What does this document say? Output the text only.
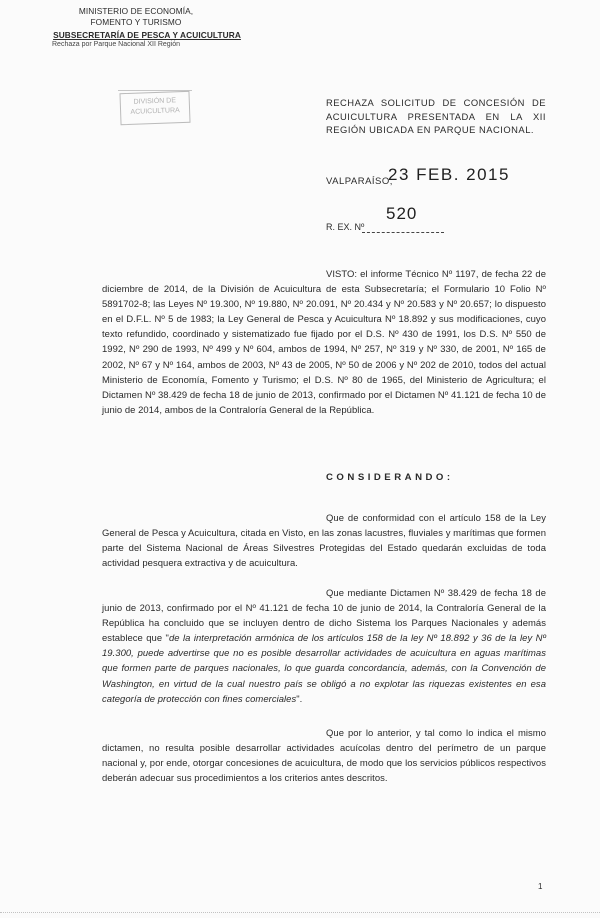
MINISTERIO DE ECONOMÍA,
FOMENTO Y TURISMO
SUBSECRETARÍA DE PESCA Y ACUICULTURA
Rechaza por Parque Nacional XII Región
DIVISIÓN DE
ACUICULTURA
RECHAZA SOLICITUD DE CONCESIÓN DE ACUICULTURA PRESENTADA EN LA XII REGIÓN UBICADA EN PARQUE NACIONAL.
VALPARAÍSO,
23 FEB. 2015
520
R. EX. Nº
VISTO: el informe Técnico Nº 1197, de fecha 22 de diciembre de 2014, de la División de Acuicultura de esta Subsecretaría; el Formulario 10 Folio Nº 5891702-8; las Leyes Nº 19.300, Nº 19.880, Nº 20.091, Nº 20.434 y Nº 20.583 y Nº 20.657; lo dispuesto en el D.F.L. Nº 5 de 1983; la Ley General de Pesca y Acuicultura Nº 18.892 y sus modificaciones, cuyo texto refundido, coordinado y sistematizado fue fijado por el D.S. Nº 430 de 1991, los D.S. Nº 550 de 1992, Nº 290 de 1993, Nº 499 y Nº 604, ambos de 1994, Nº 257, Nº 319 y Nº 330, de 2001, Nº 165 de 2002, Nº 67 y Nº 164, ambos de 2003, Nº 43 de 2005, Nº 50 de 2006 y Nº 202 de 2010, todos del actual Ministerio de Economía, Fomento y Turismo; el D.S. Nº 80 de 1965, del Ministerio de Agricultura; el Dictamen Nº 38.429 de fecha 18 de junio de 2013, confirmado por el Dictamen Nº 41.121 de fecha 10 de junio de 2014, ambos de la Contraloría General de la República.
CONSIDERANDO:
Que de conformidad con el artículo 158 de la Ley General de Pesca y Acuicultura, citada en Visto, en las zonas lacustres, fluviales y marítimas que formen parte del Sistema Nacional de Áreas Silvestres Protegidas del Estado quedarán excluidas de toda actividad pesquera extractiva y de acuicultura.
Que mediante Dictamen Nº 38.429 de fecha 18 de junio de 2013, confirmado por el Nº 41.121 de fecha 10 de junio de 2014, la Contraloría General de la República ha concluido que se incluyen dentro de dicho Sistema los Parques Nacionales y además establece que "de la interpretación armónica de los artículos 158 de la ley Nº 18.892 y 36 de la ley Nº 19.300, puede advertirse que no es posible desarrollar actividades de acuicultura en aguas marítimas que formen parte de parques nacionales, lo que guarda concordancia, además, con la Convención de Washington, en virtud de la cual nuestro país se obligó a no explotar las riquezas existentes en esa categoría de protección con fines comerciales".
Que por lo anterior, y tal como lo indica el mismo dictamen, no resulta posible desarrollar actividades acuícolas dentro del perímetro de un parque nacional y, por ende, otorgar concesiones de acuicultura, de modo que los servicios públicos respectivos deberán adecuar sus procedimientos a los criterios antes descritos.
1
